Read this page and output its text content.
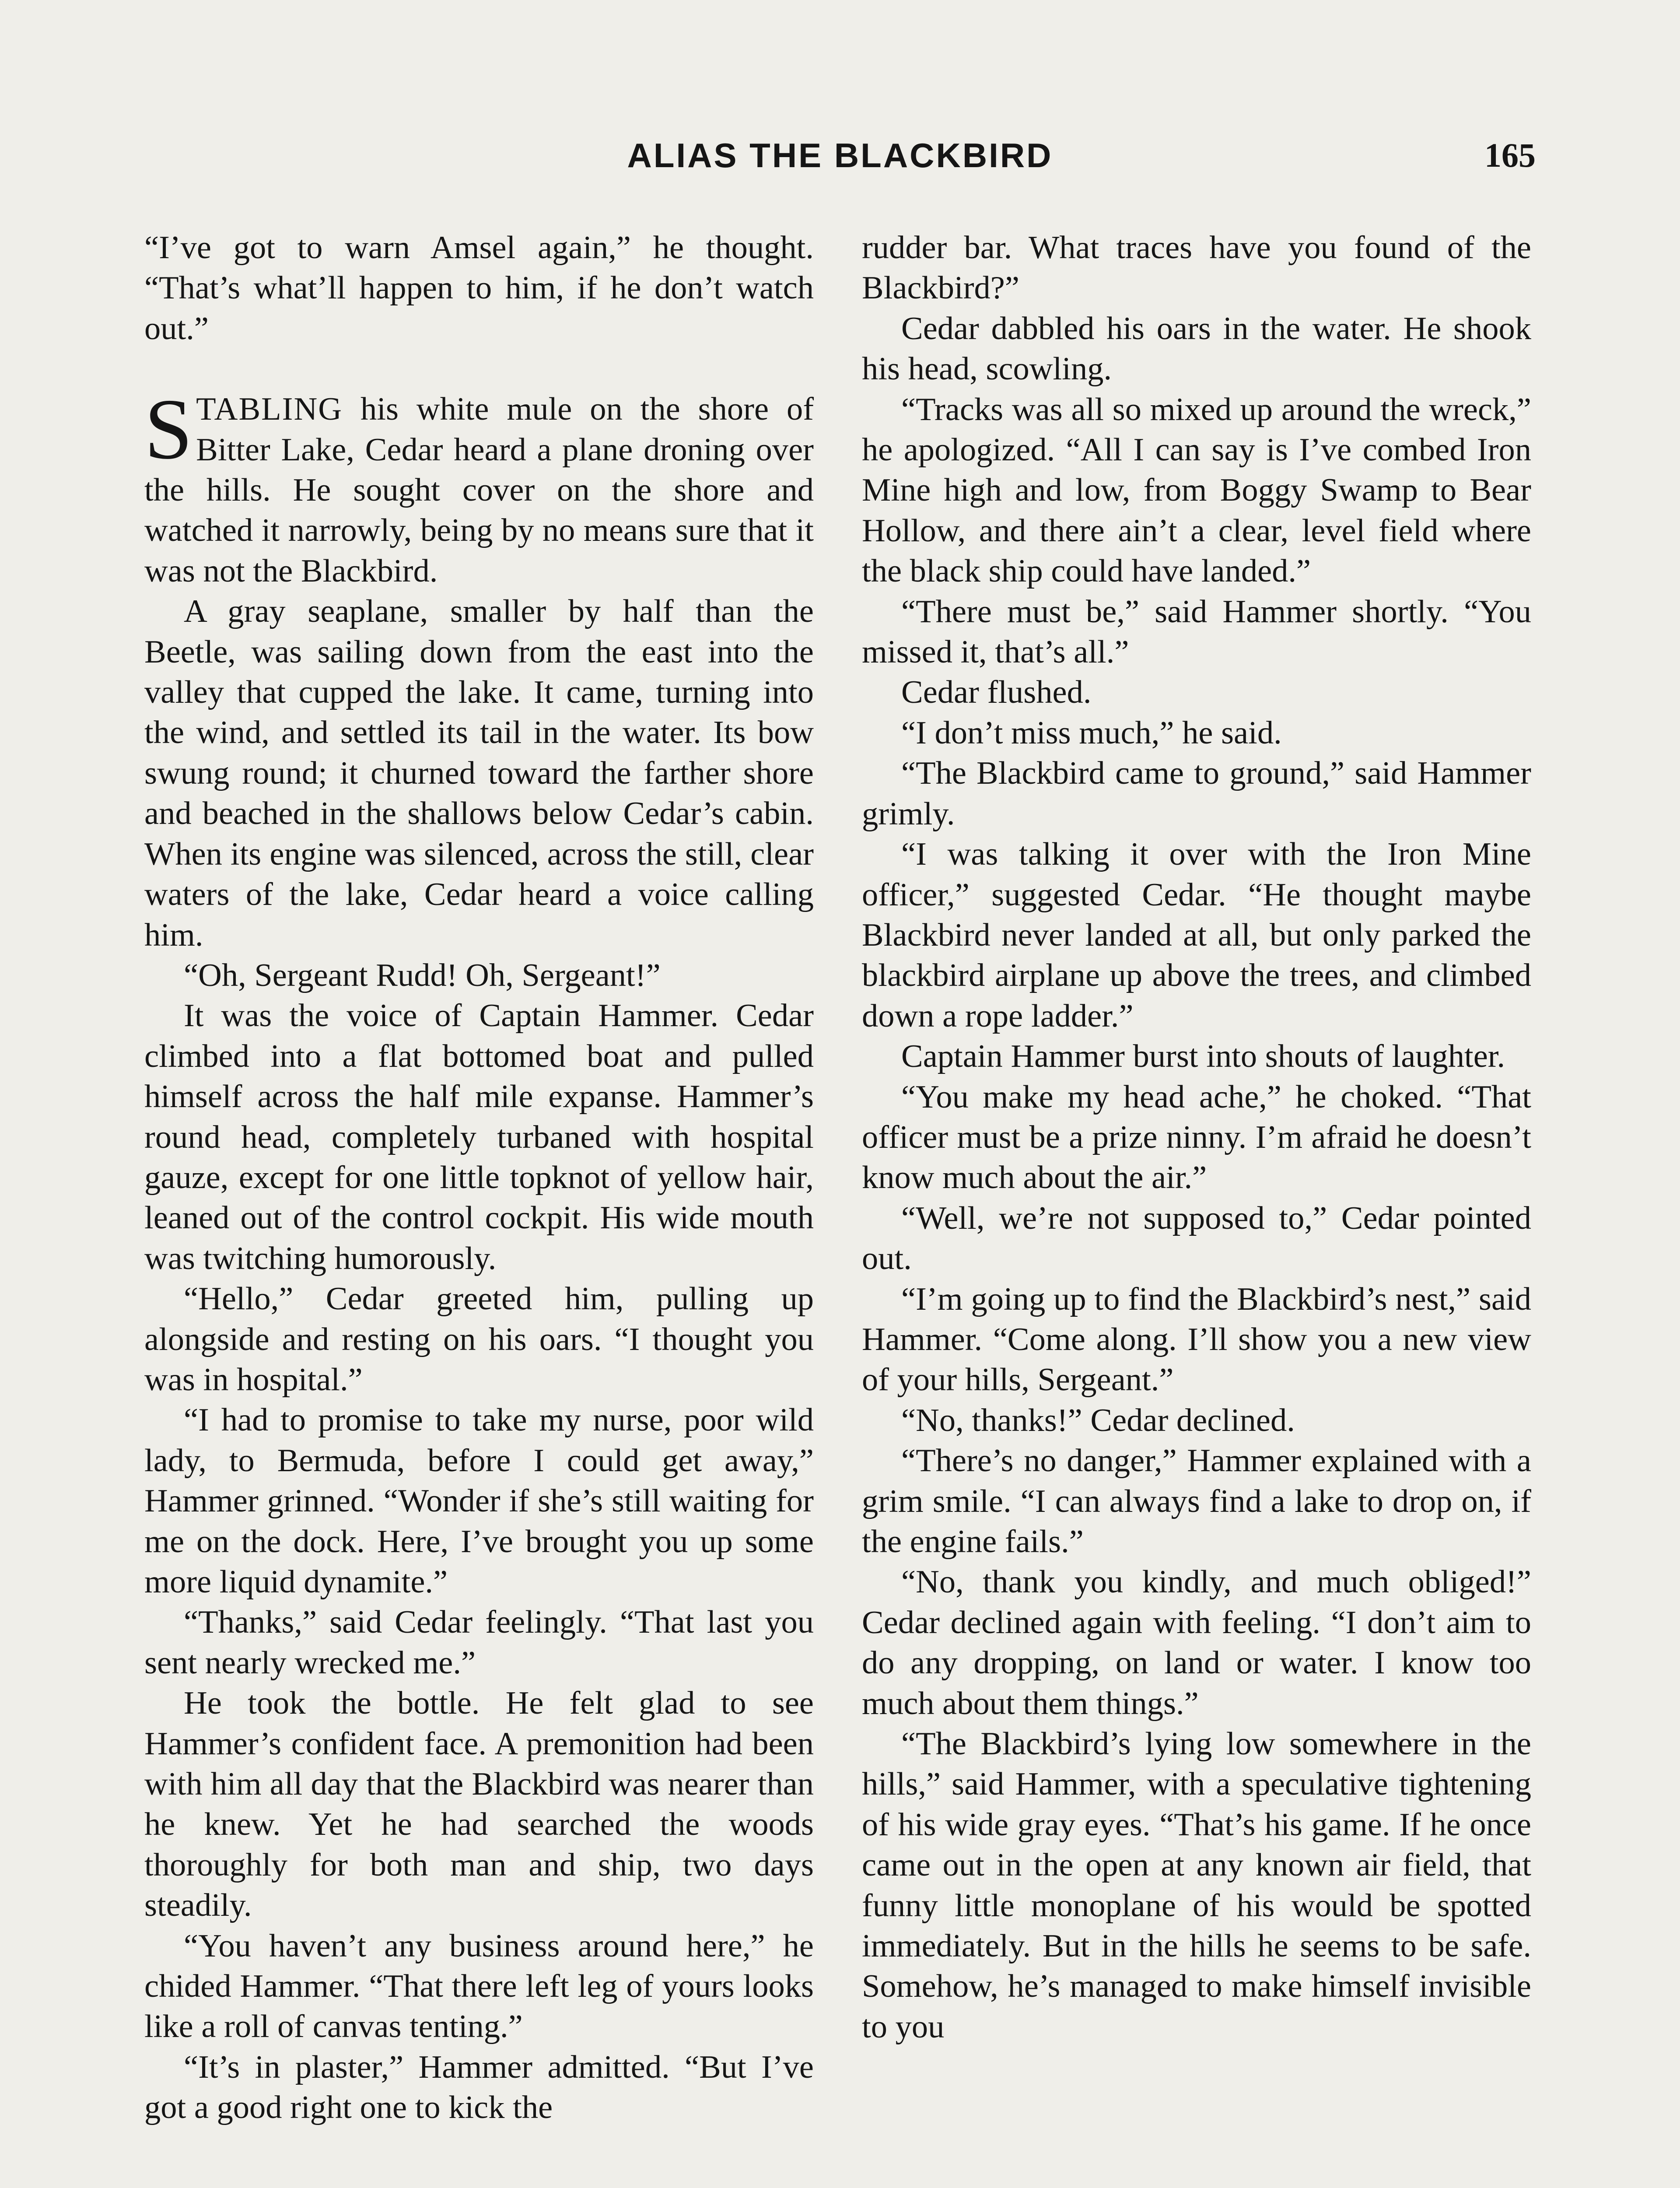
ALIAS THE BLACKBIRD	165

“I’ve got to warn Amsel again,” he thought. “That’s what’ll happen to him, if he don’t watch out.”

STABLING his white mule on the shore of Bitter Lake, Cedar heard a plane droning over the hills. He sought cover on the shore and watched it narrowly, being by no means sure that it was not the Blackbird.

A gray seaplane, smaller by half than the Beetle, was sailing down from the east into the valley that cupped the lake. It came, turning into the wind, and settled its tail in the water. Its bow swung round; it churned toward the farther shore and beached in the shallows below Cedar’s cabin. When its engine was silenced, across the still, clear waters of the lake, Cedar heard a voice calling him.

“Oh, Sergeant Rudd! Oh, Sergeant!”

It was the voice of Captain Hammer. Cedar climbed into a flat bottomed boat and pulled himself across the half mile expanse. Hammer’s round head, completely turbaned with hospital gauze, except for one little topknot of yellow hair, leaned out of the control cockpit. His wide mouth was twitching humorously.

“Hello,” Cedar greeted him, pulling up alongside and resting on his oars. “I thought you was in hospital.”

“I had to promise to take my nurse, poor wild lady, to Bermuda, before I could get away,” Hammer grinned. “Wonder if she’s still waiting for me on the dock. Here, I’ve brought you up some more liquid dynamite.”

“Thanks,” said Cedar feelingly. “That last you sent nearly wrecked me.”

He took the bottle. He felt glad to see Hammer’s confident face. A premonition had been with him all day that the Blackbird was nearer than he knew. Yet he had searched the woods thoroughly for both man and ship, two days steadily.

“You haven’t any business around here,” he chided Hammer. “That there left leg of yours looks like a roll of canvas tenting.”

“It’s in plaster,” Hammer admitted. “But I’ve got a good right one to kick the

rudder bar. What traces have you found of the Blackbird?”

Cedar dabbled his oars in the water. He shook his head, scowling.

“Tracks was all so mixed up around the wreck,” he apologized. “All I can say is I’ve combed Iron Mine high and low, from Boggy Swamp to Bear Hollow, and there ain’t a clear, level field where the black ship could have landed.”

“There must be,” said Hammer shortly. “You missed it, that’s all.”

Cedar flushed.

“I don’t miss much,” he said.

“The Blackbird came to ground,” said Hammer grimly.

“I was talking it over with the Iron Mine officer,” suggested Cedar. “He thought maybe Blackbird never landed at all, but only parked the blackbird airplane up above the trees, and climbed down a rope ladder.”

Captain Hammer burst into shouts of laughter.

“You make my head ache,” he choked. “That officer must be a prize ninny. I’m afraid he doesn’t know much about the air.”

“Well, we’re not supposed to,” Cedar pointed out.

“I’m going up to find the Blackbird’s nest,” said Hammer. “Come along. I’ll show you a new view of your hills, Sergeant.”

“No, thanks!” Cedar declined.

“There’s no danger,” Hammer explained with a grim smile. “I can always find a lake to drop on, if the engine fails.”

“No, thank you kindly, and much obliged!” Cedar declined again with feeling. “I don’t aim to do any dropping, on land or water. I know too much about them things.”

“The Blackbird’s lying low somewhere in the hills,” said Hammer, with a speculative tightening of his wide gray eyes. “That’s his game. If he once came out in the open at any known air field, that funny little monoplane of his would be spotted immediately. But in the hills he seems to be safe. Somehow, he’s managed to make himself invisible to you
